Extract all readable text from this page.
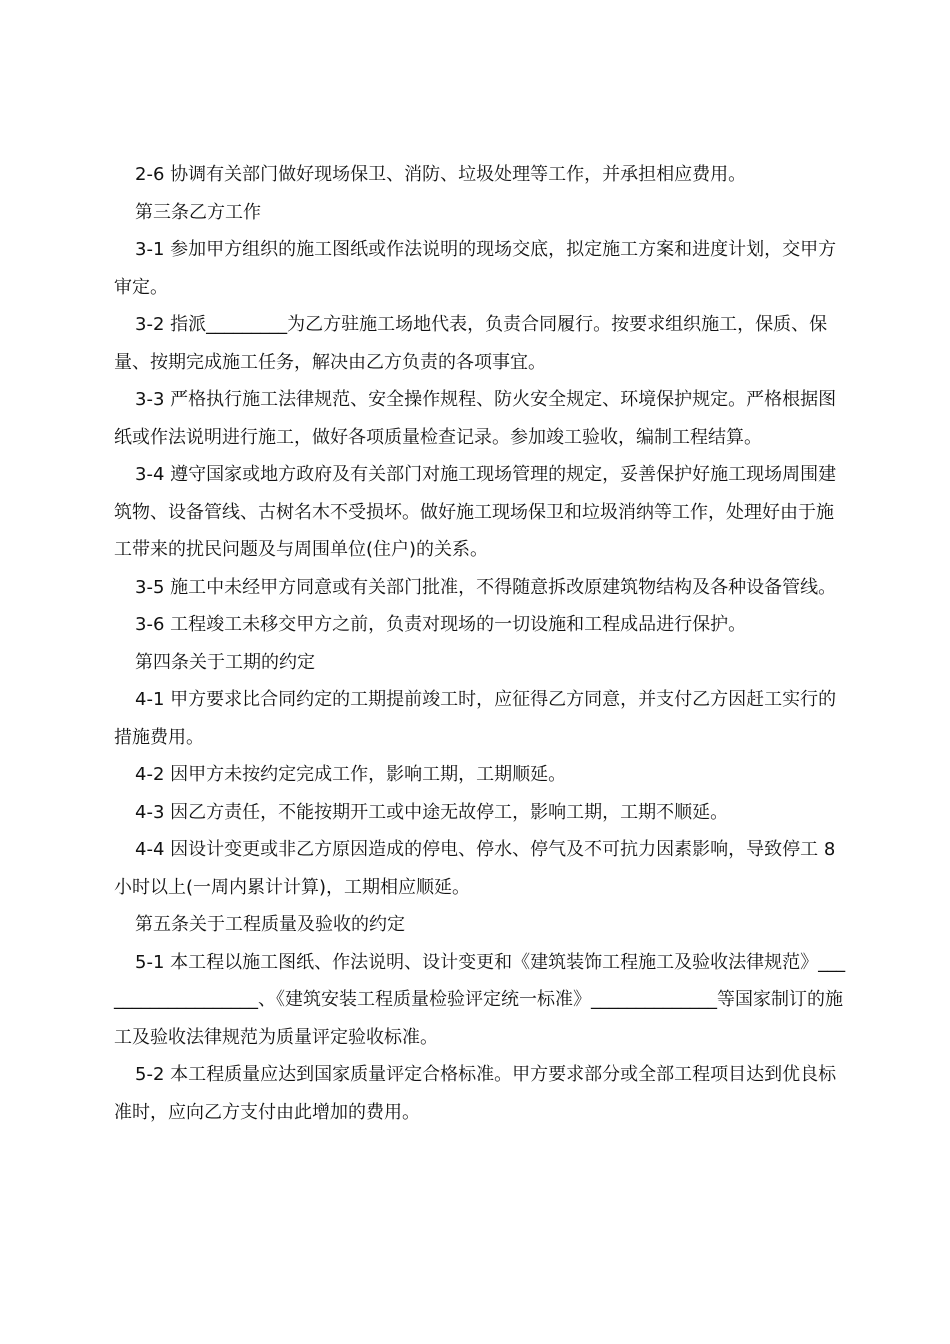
2-6 协调有关部门做好现场保卫、消防、垃圾处理等工作，并承担相应费用。

第三条乙方工作

3-1 参加甲方组织的施工图纸或作法说明的现场交底，拟定施工方案和进度计划，交甲方审定。

3-2 指派_________为乙方驻施工场地代表，负责合同履行。按要求组织施工，保质、保量、按期完成施工任务，解决由乙方负责的各项事宜。

3-3 严格执行施工法律规范、安全操作规程、防火安全规定、环境保护规定。严格根据图纸或作法说明进行施工，做好各项质量检查记录。参加竣工验收，编制工程结算。

3-4 遵守国家或地方政府及有关部门对施工现场管理的规定，妥善保护好施工现场周围建筑物、设备管线、古树名木不受损坏。做好施工现场保卫和垃圾消纳等工作，处理好由于施工带来的扰民问题及与周围单位(住户)的关系。

3-5 施工中未经甲方同意或有关部门批准，不得随意拆改原建筑物结构及各种设备管线。

3-6 工程竣工未移交甲方之前，负责对现场的一切设施和工程成品进行保护。

第四条关于工期的约定

4-1 甲方要求比合同约定的工期提前竣工时，应征得乙方同意，并支付乙方因赶工实行的措施费用。

4-2 因甲方未按约定完成工作，影响工期，工期顺延。

4-3 因乙方责任，不能按期开工或中途无故停工，影响工期，工期不顺延。

4-4 因设计变更或非乙方原因造成的停电、停水、停气及不可抗力因素影响，导致停工 8 小时以上(一周内累计计算)，工期相应顺延。

第五条关于工程质量及验收的约定

5-1 本工程以施工图纸、作法说明、设计变更和《建筑装饰工程施工及验收法律规范》___________________、《建筑安装工程质量检验评定统一标准》______________等国家制订的施工及验收法律规范为质量评定验收标准。

5-2 本工程质量应达到国家质量评定合格标准。甲方要求部分或全部工程项目达到优良标准时，应向乙方支付由此增加的费用。
